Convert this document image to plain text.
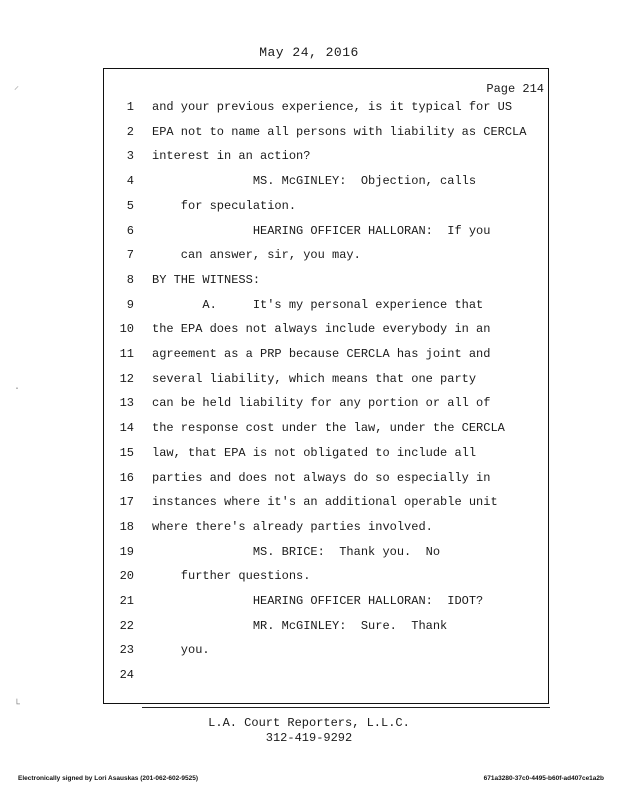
May 24, 2016
Page 214
1 and your previous experience, is it typical for US
2 EPA not to name all persons with liability as CERCLA
3 interest in an action?
4 MS. McGINLEY:  Objection, calls
5 for speculation.
6 HEARING OFFICER HALLORAN:  If you
7 can answer, sir, you may.
8 BY THE WITNESS:
9 A.     It's my personal experience that
10 the EPA does not always include everybody in an
11 agreement as a PRP because CERCLA has joint and
12 several liability, which means that one party
13 can be held liability for any portion or all of
14 the response cost under the law, under the CERCLA
15 law, that EPA is not obligated to include all
16 parties and does not always do so especially in
17 instances where it's an additional operable unit
18 where there's already parties involved.
19 MS. BRICE:  Thank you.  No
20 further questions.
21 HEARING OFFICER HALLORAN:  IDOT?
22 MR. McGINLEY:  Sure.  Thank
23 you.
24
L.A. Court Reporters, L.L.C.
312-419-9292
Electronically signed by Lori Asauskas (201-062-602-9525)	671a3280-37c0-4495-b60f-ad407ce1a2b
⸝
·
└
